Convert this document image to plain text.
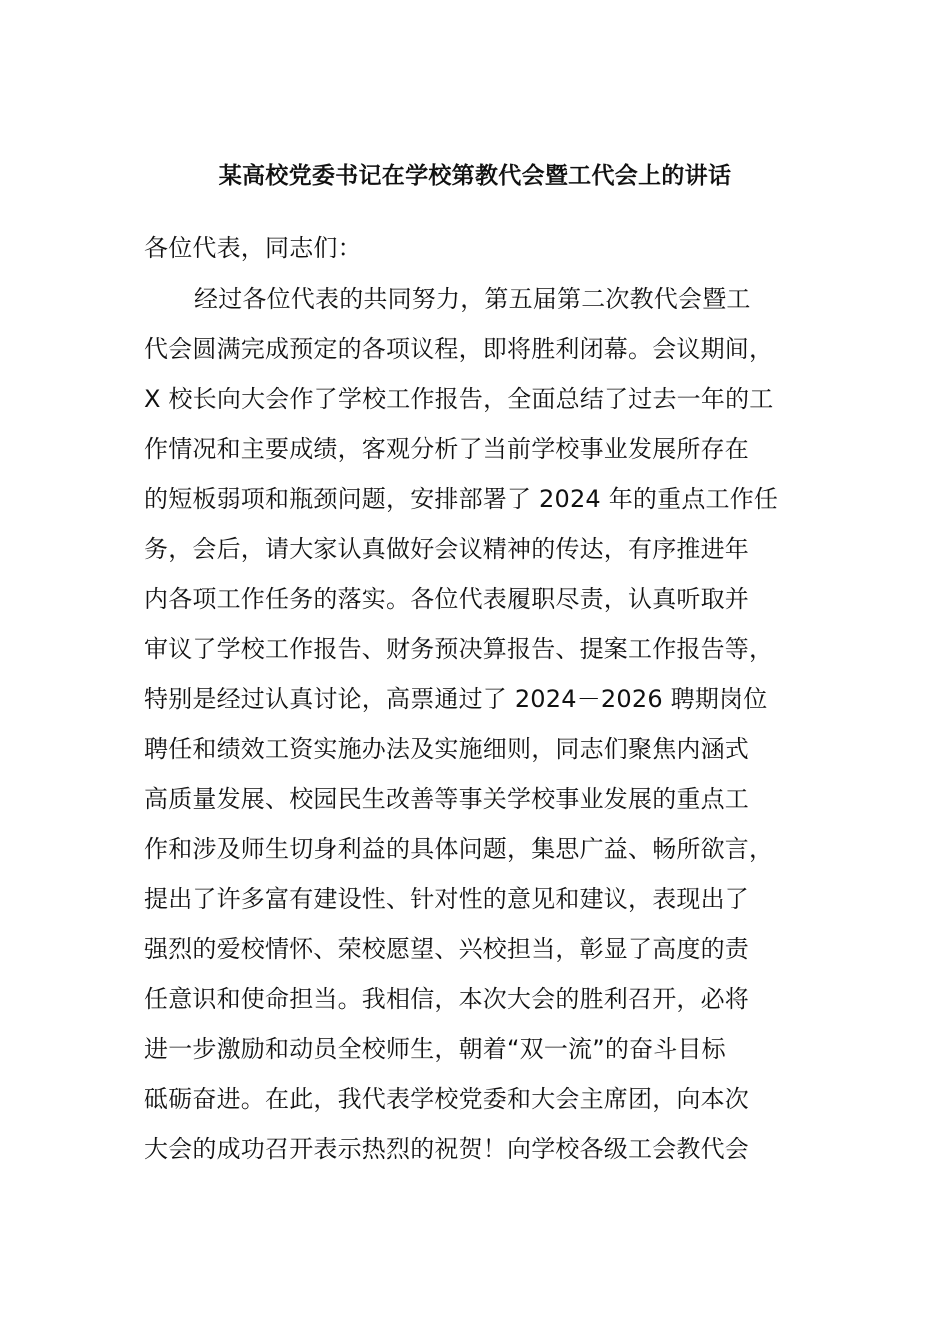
某高校党委书记在学校第教代会暨工代会上的讲话
各位代表，同志们：
经过各位代表的共同努力，第五届第二次教代会暨工
代会圆满完成预定的各项议程，即将胜利闭幕。会议期间，
X 校长向大会作了学校工作报告，全面总结了过去一年的工
作情况和主要成绩，客观分析了当前学校事业发展所存在
的短板弱项和瓶颈问题，安排部署了 2024 年的重点工作任
务，会后，请大家认真做好会议精神的传达，有序推进年
内各项工作任务的落实。各位代表履职尽责，认真听取并
审议了学校工作报告、财务预决算报告、提案工作报告等，
特别是经过认真讨论，高票通过了 2024－2026 聘期岗位
聘任和绩效工资实施办法及实施细则，同志们聚焦内涵式
高质量发展、校园民生改善等事关学校事业发展的重点工
作和涉及师生切身利益的具体问题，集思广益、畅所欲言，
提出了许多富有建设性、针对性的意见和建议，表现出了
强烈的爱校情怀、荣校愿望、兴校担当，彰显了高度的责
任意识和使命担当。我相信，本次大会的胜利召开，必将
进一步激励和动员全校师生，朝着“双一流”的奋斗目标
砥砺奋进。在此，我代表学校党委和大会主席团，向本次
大会的成功召开表示热烈的祝贺！向学校各级工会教代会
